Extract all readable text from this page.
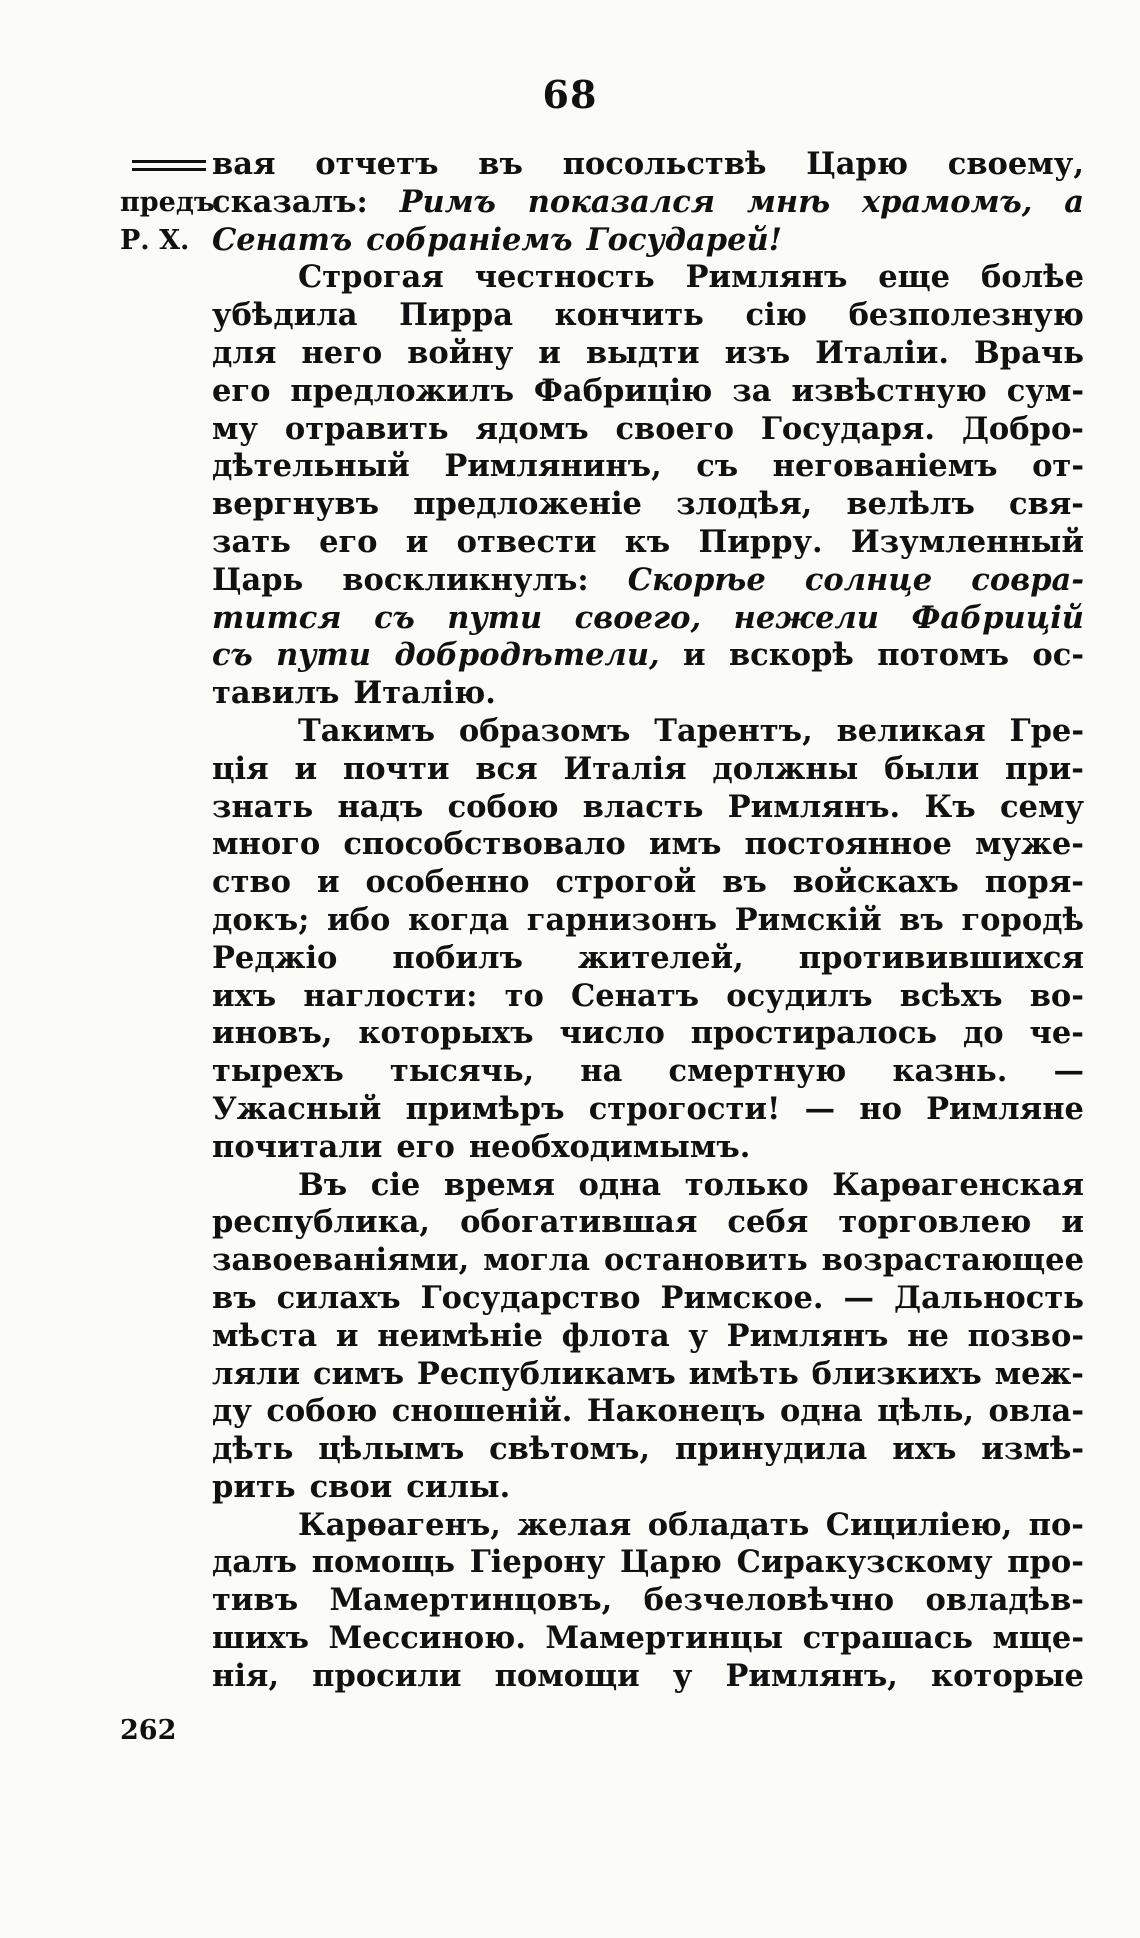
68
предъ
Р. Х.
262
вая отчетъ въ посольствѣ Царю своему,
сказалъ: Римъ показался мнѣ храмомъ, а
Сенатъ собраніемъ Государей!
Строгая честность Римлянъ еще болѣе
убѣдила Пирра кончить сію безполезную
для него войну и выдти изъ Италіи. Врачь
его предложилъ Фабрицію за извѣстную сум-
му отравить ядомъ своего Государя. Добро-
дѣтельный Римлянинъ, съ негованіемъ от-
вергнувъ предложеніе злодѣя, велѣлъ свя-
зать его и отвести къ Пирру. Изумленный
Царь воскликнулъ: Скорѣе солнце совра-
тится съ пути своего, нежели Фабрицій
съ пути добродѣтели, и вскорѣ потомъ ос-
тавилъ Италію.
Такимъ образомъ Тарентъ, великая Гре-
ція и почти вся Италія должны были при-
знать надъ собою власть Римлянъ. Къ сему
много способствовало имъ постоянное муже-
ство и особенно строгой въ войскахъ поря-
докъ; ибо когда гарнизонъ Римскій въ городѣ
Реджіо побилъ жителей, противившихся
ихъ наглости: то Сенатъ осудилъ всѣхъ во-
иновъ, которыхъ число простиралось до че-
тырехъ тысячь, на смертную казнь. —
Ужасный примѣръ строгости! — но Римляне
почитали его необходимымъ.
Въ сіе время одна только Карѳагенская
республика, обогатившая себя торговлею и
завоеваніями, могла остановить возрастающее
въ силахъ Государство Римское. — Дальность
мѣста и неимѣніе флота у Римлянъ не позво-
ляли симъ Республикамъ имѣть близкихъ меж-
ду собою сношеній. Наконецъ одна цѣль, овла-
дѣть цѣлымъ свѣтомъ, принудила ихъ измѣ-
рить свои силы.
Карѳагенъ, желая обладать Сициліею, по-
далъ помощь Гіерону Царю Сиракузскому про-
тивъ Мамертинцовъ, безчеловѣчно овладѣв-
шихъ Мессиною. Мамертинцы страшась мще-
нія, просили помощи у Римлянъ, которые
